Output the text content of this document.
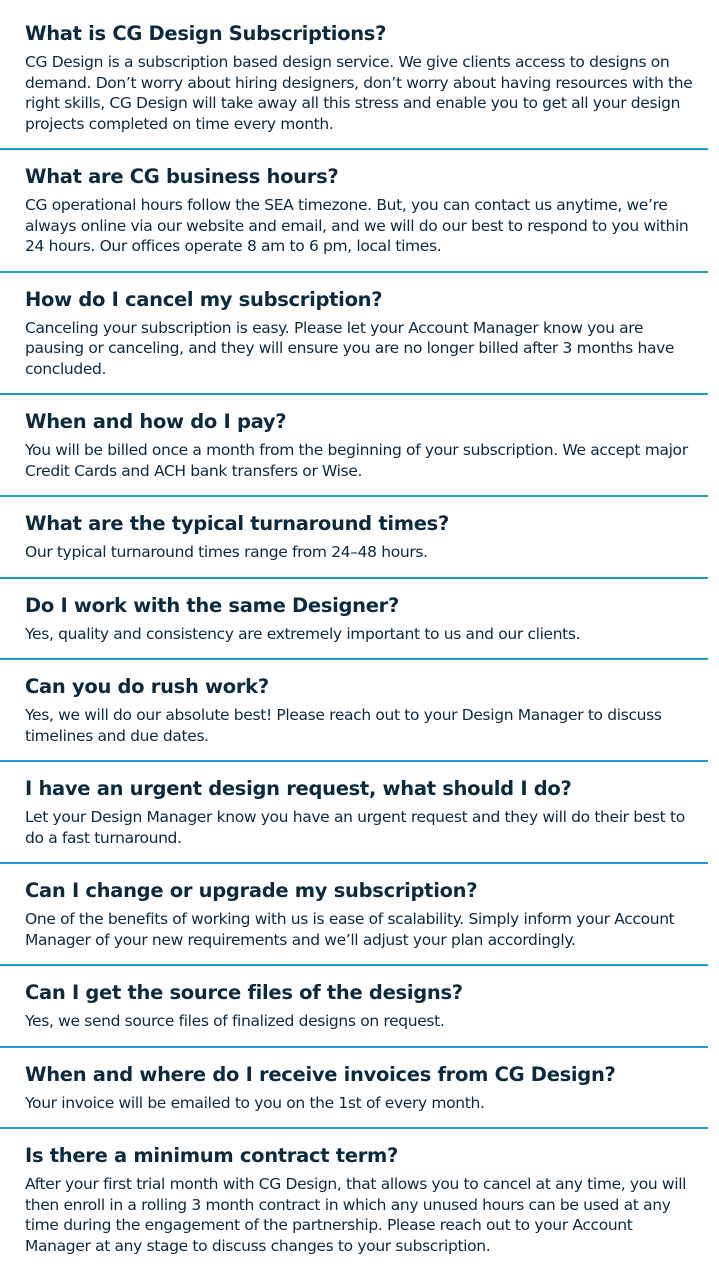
What is CG Design Subscriptions?

CG Design is a subscription based design service. We give clients access to designs on demand. Don’t worry about hiring designers, don’t worry about having resources with the right skills, CG Design will take away all this stress and enable you to get all your design projects completed on time every month.

What are CG business hours?

CG operational hours follow the SEA timezone. But, you can contact us anytime, we’re always online via our website and email, and we will do our best to respond to you within 24 hours. Our offices operate 8 am to 6 pm, local times.

How do I cancel my subscription?

Canceling your subscription is easy. Please let your Account Manager know you are pausing or canceling, and they will ensure you are no longer billed after 3 months have concluded.

When and how do I pay?

You will be billed once a month from the beginning of your subscription. We accept major Credit Cards and ACH bank transfers or Wise.

What are the typical turnaround times?

Our typical turnaround times range from 24–48 hours.

Do I work with the same Designer?

Yes, quality and consistency are extremely important to us and our clients.

Can you do rush work?

Yes, we will do our absolute best! Please reach out to your Design Manager to discuss timelines and due dates.

I have an urgent design request, what should I do?

Let your Design Manager know you have an urgent request and they will do their best to do a fast turnaround.

Can I change or upgrade my subscription?

One of the benefits of working with us is ease of scalability. Simply inform your Account Manager of your new requirements and we’ll adjust your plan accordingly.

Can I get the source files of the designs?

Yes, we send source files of finalized designs on request.

When and where do I receive invoices from CG Design?

Your invoice will be emailed to you on the 1st of every month.

Is there a minimum contract term?

After your first trial month with CG Design, that allows you to cancel at any time, you will then enroll in a rolling 3 month contract in which any unused hours can be used at any time during the engagement of the partnership. Please reach out to your Account Manager at any stage to discuss changes to your subscription.
